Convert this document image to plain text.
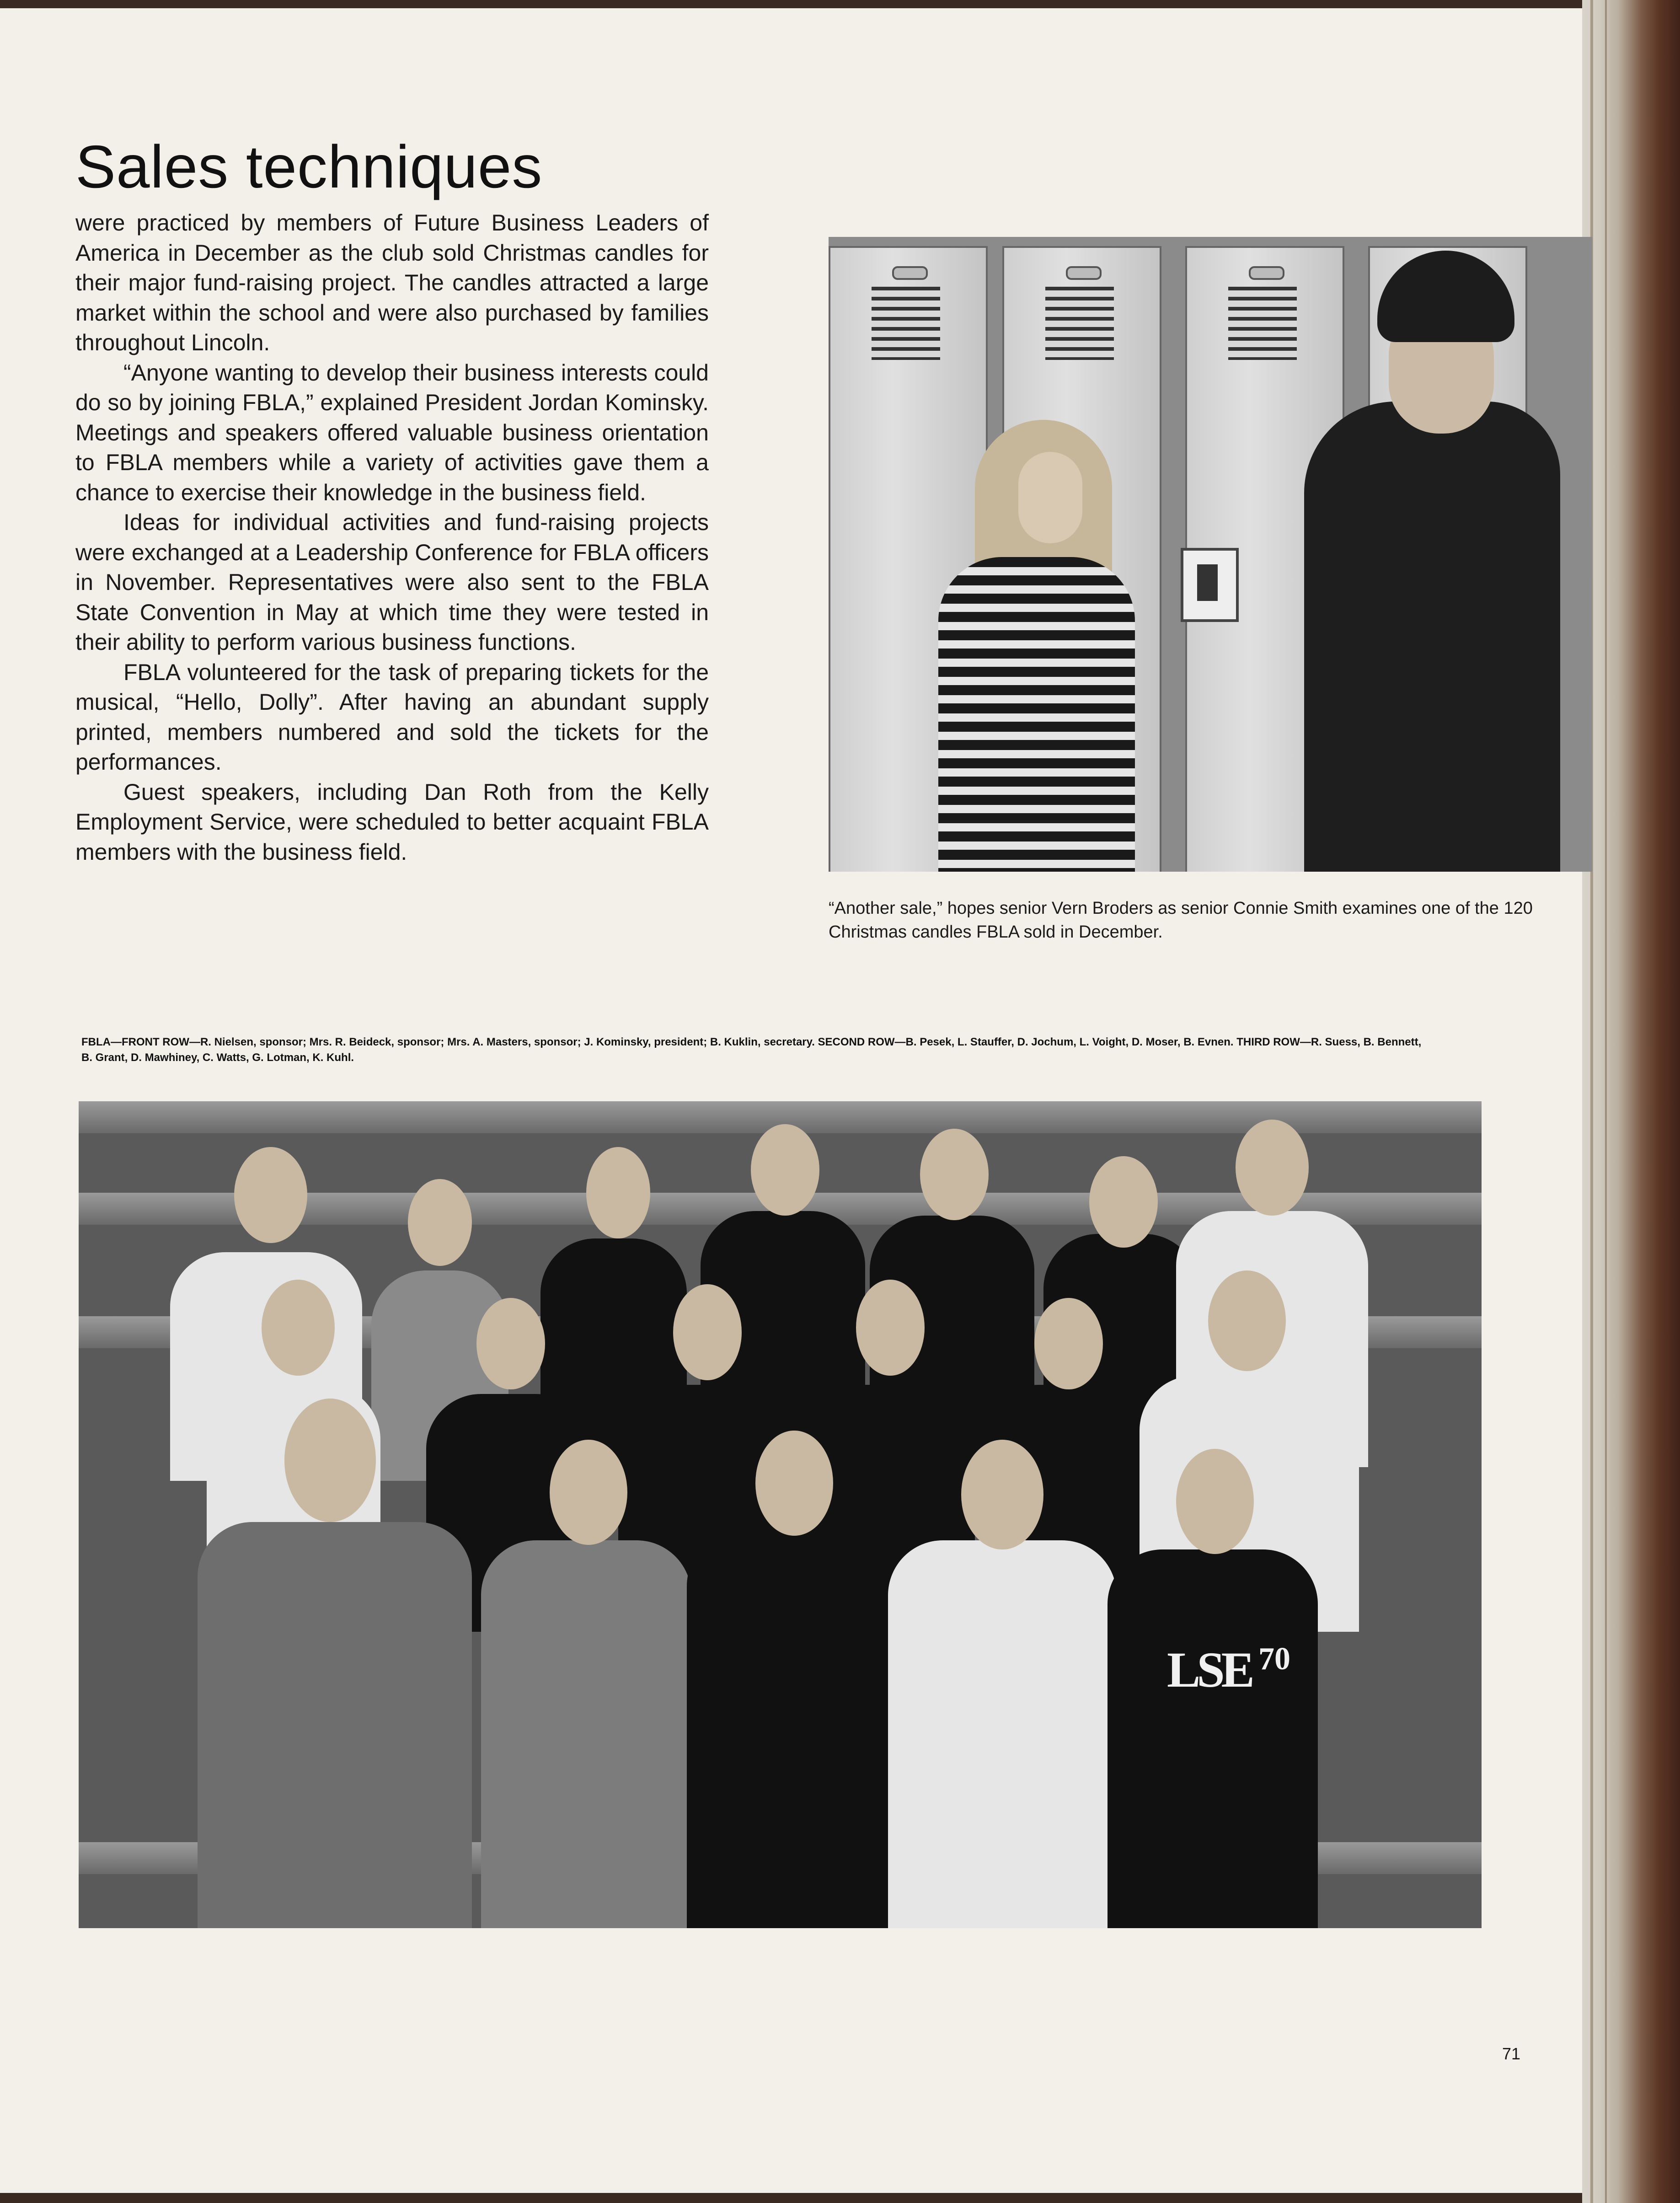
Sales techniques

were practiced by members of Future Business Leaders of America in December as the club sold Christmas candles for their major fund-raising project. The candles attracted a large market within the school and were also purchased by families throughout Lincoln.

“Anyone wanting to develop their business interests could do so by joining FBLA,” explained President Jordan Kominsky. Meetings and speakers offered valuable business orientation to FBLA members while a variety of activities gave them a chance to exercise their knowledge in the business field.

Ideas for individual activities and fund-raising projects were exchanged at a Leadership Conference for FBLA officers in November. Representatives were also sent to the FBLA State Convention in May at which time they were tested in their ability to perform various business functions.

FBLA volunteered for the task of preparing tickets for the musical, “Hello, Dolly”. After having an abundant supply printed, members numbered and sold the tickets for the performances.

Guest speakers, including Dan Roth from the Kelly Employment Service, were scheduled to better acquaint FBLA members with the business field.

“Another sale,” hopes senior Vern Broders as senior Connie Smith examines one of the 120 Christmas candles FBLA sold in December.

FBLA—FRONT ROW—R. Nielsen, sponsor; Mrs. R. Beideck, sponsor; Mrs. A. Masters, sponsor; J. Kominsky, president; B. Kuklin, secretary. SECOND ROW—B. Pesek, L. Stauffer, D. Jochum, L. Voight, D. Moser, B. Evnen. THIRD ROW—R. Suess, B. Bennett, B. Grant, D. Mawhiney, C. Watts, G. Lotman, K. Kuhl.

LSE 70
71
